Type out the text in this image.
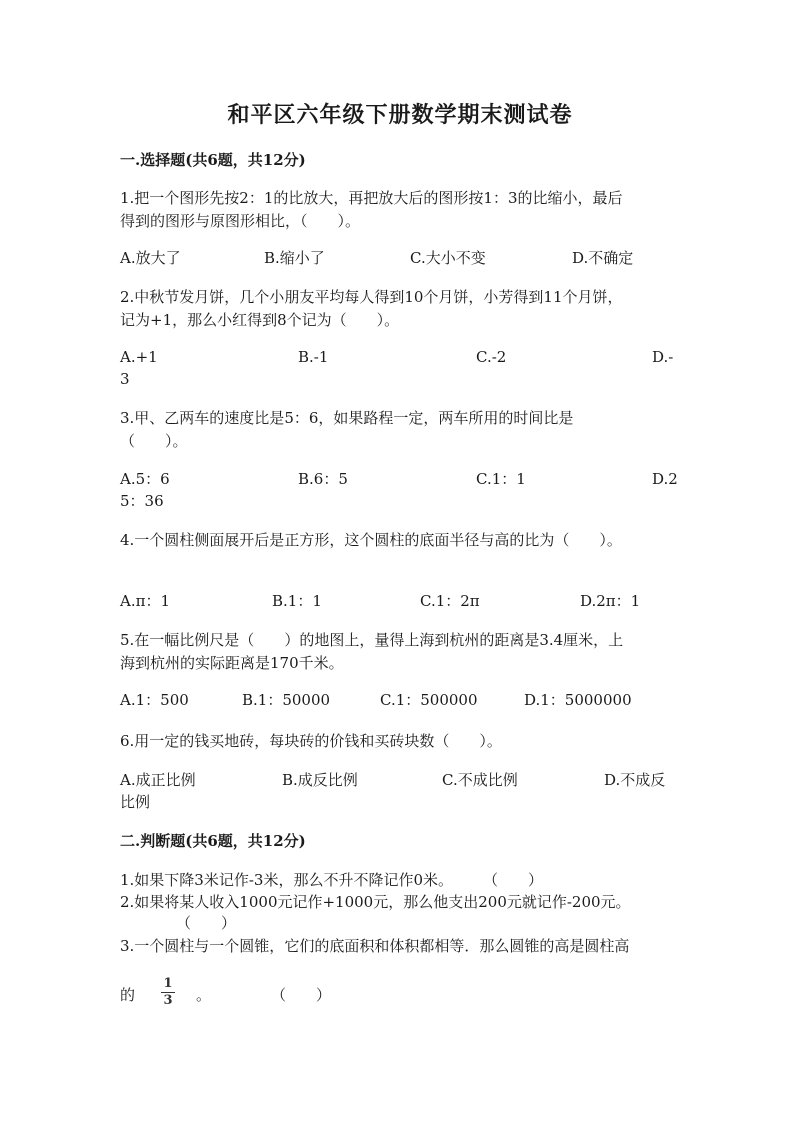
和平区六年级下册数学期末测试卷
一.选择题(共6题，共12分)
1.把一个图形先按2：1的比放大，再把放大后的图形按1：3的比缩小，最后
得到的图形与原图形相比，（　　）。
A.放大了	B.缩小了	C.大小不变	D.不确定
2.中秋节发月饼，几个小朋友平均每人得到10个月饼，小芳得到11个月饼，
记为+1，那么小红得到8个记为（　　）。
A.+1	B.-1	C.-2	D.-
3
3.甲、乙两车的速度比是5：6，如果路程一定，两车所用的时间比是
（　　）。
A.5：6	B.6：5	C.1：1	D.2
5：36
4.一个圆柱侧面展开后是正方形，这个圆柱的底面半径与高的比为（　　）。
A.π：1	B.1：1	C.1：2π	D.2π：1
5.在一幅比例尺是（　　）的地图上，量得上海到杭州的距离是3.4厘米，上
海到杭州的实际距离是170千米。
A.1：500	B.1：50000	C.1：500000	D.1：5000000
6.用一定的钱买地砖，每块砖的价钱和买砖块数（　　）。
A.成正比例	B.成反比例	C.不成比例	D.不成反
比例
二.判断题(共6题，共12分)
1.如果下降3米记作-3米，那么不升不降记作0米。　　　（　　）
2.如果将某人收入1000元记作+1000元，那么他支出200元就记作-200元。
（　　）
3.一个圆柱与一个圆锥，它们的底面积和体积都相等．那么圆锥的高是圆柱高
的
1
3 。　　　　　（　　）
